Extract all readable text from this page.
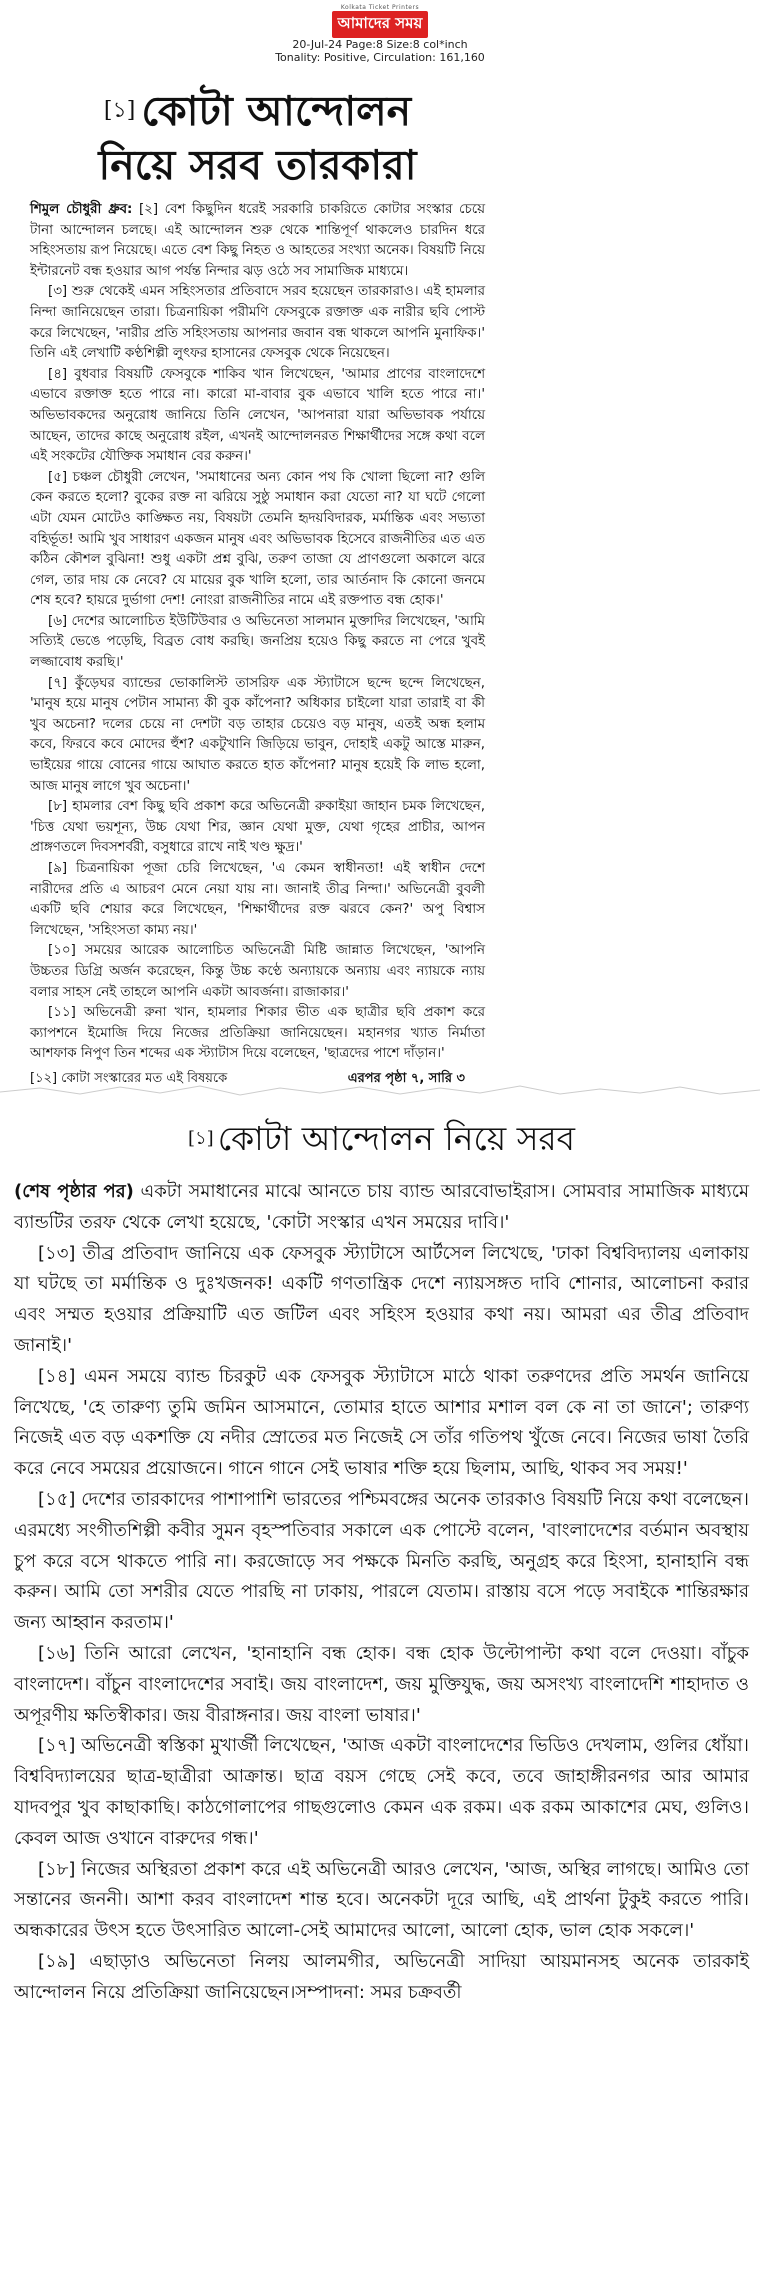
Kolkata Ticket Printers
আমাদের সময়
20-Jul-24 Page:8 Size:8 col*inch
Tonality: Positive, Circulation: 161,160
[১] কোটা আন্দোলন
নিয়ে সরব তারকারা

শিমুল চৌধুরী ধ্রুব: [২] বেশ কিছুদিন ধরেই সরকারি চাকরিতে কোটার সংস্কার চেয়ে টানা আন্দোলন চলছে। এই আন্দোলন শুরু থেকে শান্তিপূর্ণ থাকলেও চারদিন ধরে সহিংসতায় রূপ নিয়েছে। এতে বেশ কিছু নিহত ও আহতের সংখ্যা অনেক। বিষয়টি নিয়ে ইন্টারনেট বন্ধ হওয়ার আগ পর্যন্ত নিন্দার ঝড় ওঠে সব সামাজিক মাধ্যমে।

[৩] শুরু থেকেই এমন সহিংসতার প্রতিবাদে সরব হয়েছেন তারকারাও। এই হামলার নিন্দা জানিয়েছেন তারা। চিত্রনায়িকা পরীমণি ফেসবুকে রক্তাক্ত এক নারীর ছবি পোস্ট করে লিখেছেন, 'নারীর প্রতি সহিংসতায় আপনার জবান বন্ধ থাকলে আপনি মুনাফিক।' তিনি এই লেখাটি কণ্ঠশিল্পী লুৎফর হাসানের ফেসবুক থেকে নিয়েছেন।

[৪] বুধবার বিষয়টি ফেসবুকে শাকিব খান লিখেছেন, 'আমার প্রাণের বাংলাদেশে এভাবে রক্তাক্ত হতে পারে না। কারো মা-বাবার বুক এভাবে খালি হতে পারে না।' অভিভাবকদের অনুরোধ জানিয়ে তিনি লেখেন, 'আপনারা যারা অভিভাবক পর্যায়ে আছেন, তাদের কাছে অনুরোধ রইল, এখনই আন্দোলনরত শিক্ষার্থীদের সঙ্গে কথা বলে এই সংকটের যৌক্তিক সমাধান বের করুন।'

[৫] চঞ্চল চৌধুরী লেখেন, 'সমাধানের অন্য কোন পথ কি খোলা ছিলো না? গুলি কেন করতে হলো? বুকের রক্ত না ঝরিয়ে সুষ্ঠু সমাধান করা যেতো না? যা ঘটে গেলো এটা যেমন মোটেও কাঙ্ক্ষিত নয়, বিষয়টা তেমনি হৃদয়বিদারক, মর্মান্তিক এবং সভ্যতা বহির্ভূত! আমি খুব সাধারণ একজন মানুষ এবং অভিভাবক হিসেবে রাজনীতির এত এত কঠিন কৌশল বুঝিনা! শুধু একটা প্রশ্ন বুঝি, তরুণ তাজা যে প্রাণগুলো অকালে ঝরে গেল, তার দায় কে নেবে? যে মায়ের বুক খালি হলো, তার আর্তনাদ কি কোনো জনমে শেষ হবে? হায়রে দুর্ভাগা দেশ! নোংরা রাজনীতির নামে এই রক্তপাত বন্ধ হোক।'

[৬] দেশের আলোচিত ইউটিউবার ও অভিনেতা সালমান মুক্তাদির লিখেছেন, 'আমি সত্যিই ভেঙে পড়েছি, বিব্রত বোধ করছি। জনপ্রিয় হয়েও কিছু করতে না পেরে খুবই লজ্জাবোধ করছি।'

[৭] কুঁড়েঘর ব্যান্ডের ভোকালিস্ট তাসরিফ এক স্ট্যাটাসে ছন্দে ছন্দে লিখেছেন, 'মানুষ হয়ে মানুষ পেটান সামান্য কী বুক কাঁপেনা? অধিকার চাইলো যারা তারাই বা কী খুব অচেনা? দলের চেয়ে না দেশটা বড় তাহার চেয়েও বড় মানুষ, এতই অন্ধ হলাম কবে, ফিরবে কবে মোদের হুঁশ? একটুখানি জিড়িয়ে ভাবুন, দোহাই একটু আস্তে মারুন, ভাইয়ের গায়ে বোনের গায়ে আঘাত করতে হাত কাঁপেনা? মানুষ হয়েই কি লাভ হলো, আজ মানুষ লাগে খুব অচেনা।'

[৮] হামলার বেশ কিছু ছবি প্রকাশ করে অভিনেত্রী রুকাইয়া জাহান চমক লিখেছেন, 'চিত্ত যেথা ভয়শূন্য, উচ্চ যেথা শির, জ্ঞান যেথা মুক্ত, যেথা গৃহের প্রাচীর, আপন প্রাঙ্গণতলে দিবসশর্বরী, বসুধারে রাখে নাই খণ্ড ক্ষুদ্র।'

[৯] চিত্রনায়িকা পূজা চেরি লিখেছেন, 'এ কেমন স্বাধীনতা! এই স্বাধীন দেশে নারীদের প্রতি এ আচরণ মেনে নেয়া যায় না। জানাই তীব্র নিন্দা।' অভিনেত্রী বুবলী একটি ছবি শেয়ার করে লিখেছেন, 'শিক্ষার্থীদের রক্ত ঝরবে কেন?' অপু বিশ্বাস লিখেছেন, 'সহিংসতা কাম্য নয়।'

[১০] সময়ের আরেক আলোচিত অভিনেত্রী মিষ্টি জান্নাত লিখেছেন, 'আপনি উচ্চতর ডিগ্রি অর্জন করেছেন, কিন্তু উচ্চ কণ্ঠে অন্যায়কে অন্যায় এবং ন্যায়কে ন্যায় বলার সাহস নেই তাহলে আপনি একটা আবর্জনা। রাজাকার।'

[১১] অভিনেত্রী রুনা খান, হামলার শিকার ভীত এক ছাত্রীর ছবি প্রকাশ করে ক্যাপশনে ইমোজি দিয়ে নিজের প্রতিক্রিয়া জানিয়েছেন। মহানগর খ্যাত নির্মাতা আশফাক নিপুণ তিন শব্দের এক স্ট্যাটাস দিয়ে বলেছেন, 'ছাত্রদের পাশে দাঁড়ান।'

[১২] কোটা সংস্কারের মত এই বিষয়কে	এরপর পৃষ্ঠা ৭, সারি ৩
[১] কোটা আন্দোলন নিয়ে সরব

(শেষ পৃষ্ঠার পর) একটা সমাধানের মাঝে আনতে চায় ব্যান্ড আরবোভাইরাস। সোমবার সামাজিক মাধ্যমে ব্যান্ডটির তরফ থেকে লেখা হয়েছে, 'কোটা সংস্কার এখন সময়ের দাবি।'

[১৩] তীব্র প্রতিবাদ জানিয়ে এক ফেসবুক স্ট্যাটাসে আর্টসেল লিখেছে, 'ঢাকা বিশ্ববিদ্যালয় এলাকায় যা ঘটছে তা মর্মান্তিক ও দুঃখজনক! একটি গণতান্ত্রিক দেশে ন্যায়সঙ্গত দাবি শোনার, আলোচনা করার এবং সম্মত হওয়ার প্রক্রিয়াটি এত জটিল এবং সহিংস হওয়ার কথা নয়। আমরা এর তীব্র প্রতিবাদ জানাই।'

[১৪] এমন সময়ে ব্যান্ড চিরকুট এক ফেসবুক স্ট্যাটাসে মাঠে থাকা তরুণদের প্রতি সমর্থন জানিয়ে লিখেছে, 'হে তারুণ্য তুমি জমিন আসমানে, তোমার হাতে আশার মশাল বল কে না তা জানে'; তারুণ্য নিজেই এত বড় একশক্তি যে নদীর স্রোতের মত নিজেই সে তাঁর গতিপথ খুঁজে নেবে। নিজের ভাষা তৈরি করে নেবে সময়ের প্রয়োজনে। গানে গানে সেই ভাষার শক্তি হয়ে ছিলাম, আছি, থাকব সব সময়!'

[১৫] দেশের তারকাদের পাশাপাশি ভারতের পশ্চিমবঙ্গের অনেক তারকাও বিষয়টি নিয়ে কথা বলেছেন। এরমধ্যে সংগীতশিল্পী কবীর সুমন বৃহস্পতিবার সকালে এক পোস্টে বলেন, 'বাংলাদেশের বর্তমান অবস্থায় চুপ করে বসে থাকতে পারি না। করজোড়ে সব পক্ষকে মিনতি করছি, অনুগ্রহ করে হিংসা, হানাহানি বন্ধ করুন। আমি তো সশরীর যেতে পারছি না ঢাকায়, পারলে যেতাম। রাস্তায় বসে পড়ে সবাইকে শান্তিরক্ষার জন্য আহ্বান করতাম।'

[১৬] তিনি আরো লেখেন, 'হানাহানি বন্ধ হোক। বন্ধ হোক উল্টোপাল্টা কথা বলে দেওয়া। বাঁচুক বাংলাদেশ। বাঁচুন বাংলাদেশের সবাই। জয় বাংলাদেশ, জয় মুক্তিযুদ্ধ, জয় অসংখ্য বাংলাদেশি শাহাদাত ও অপূরণীয় ক্ষতিস্বীকার। জয় বীরাঙ্গনার। জয় বাংলা ভাষার।'

[১৭] অভিনেত্রী স্বস্তিকা মুখার্জী লিখেছেন, 'আজ একটা বাংলাদেশের ভিডিও দেখলাম, গুলির ধোঁয়া। বিশ্ববিদ্যালয়ের ছাত্র-ছাত্রীরা আক্রান্ত। ছাত্র বয়স গেছে সেই কবে, তবে জাহাঙ্গীরনগর আর আমার যাদবপুর খুব কাছাকাছি। কাঠগোলাপের গাছগুলোও কেমন এক রকম। এক রকম আকাশের মেঘ, গুলিও। কেবল আজ ওখানে বারুদের গন্ধ।'

[১৮] নিজের অস্থিরতা প্রকাশ করে এই অভিনেত্রী আরও লেখেন, 'আজ, অস্থির লাগছে। আমিও তো সন্তানের জননী। আশা করব বাংলাদেশ শান্ত হবে। অনেকটা দূরে আছি, এই প্রার্থনা টুকুই করতে পারি। অন্ধকারের উৎস হতে উৎসারিত আলো-সেই আমাদের আলো, আলো হোক, ভাল হোক সকলে।'

[১৯] এছাড়াও অভিনেতা নিলয় আলমগীর, অভিনেত্রী সাদিয়া আয়মানসহ অনেক তারকাই আন্দোলন নিয়ে প্রতিক্রিয়া জানিয়েছেন।সম্পাদনা: সমর চক্রবর্তী
